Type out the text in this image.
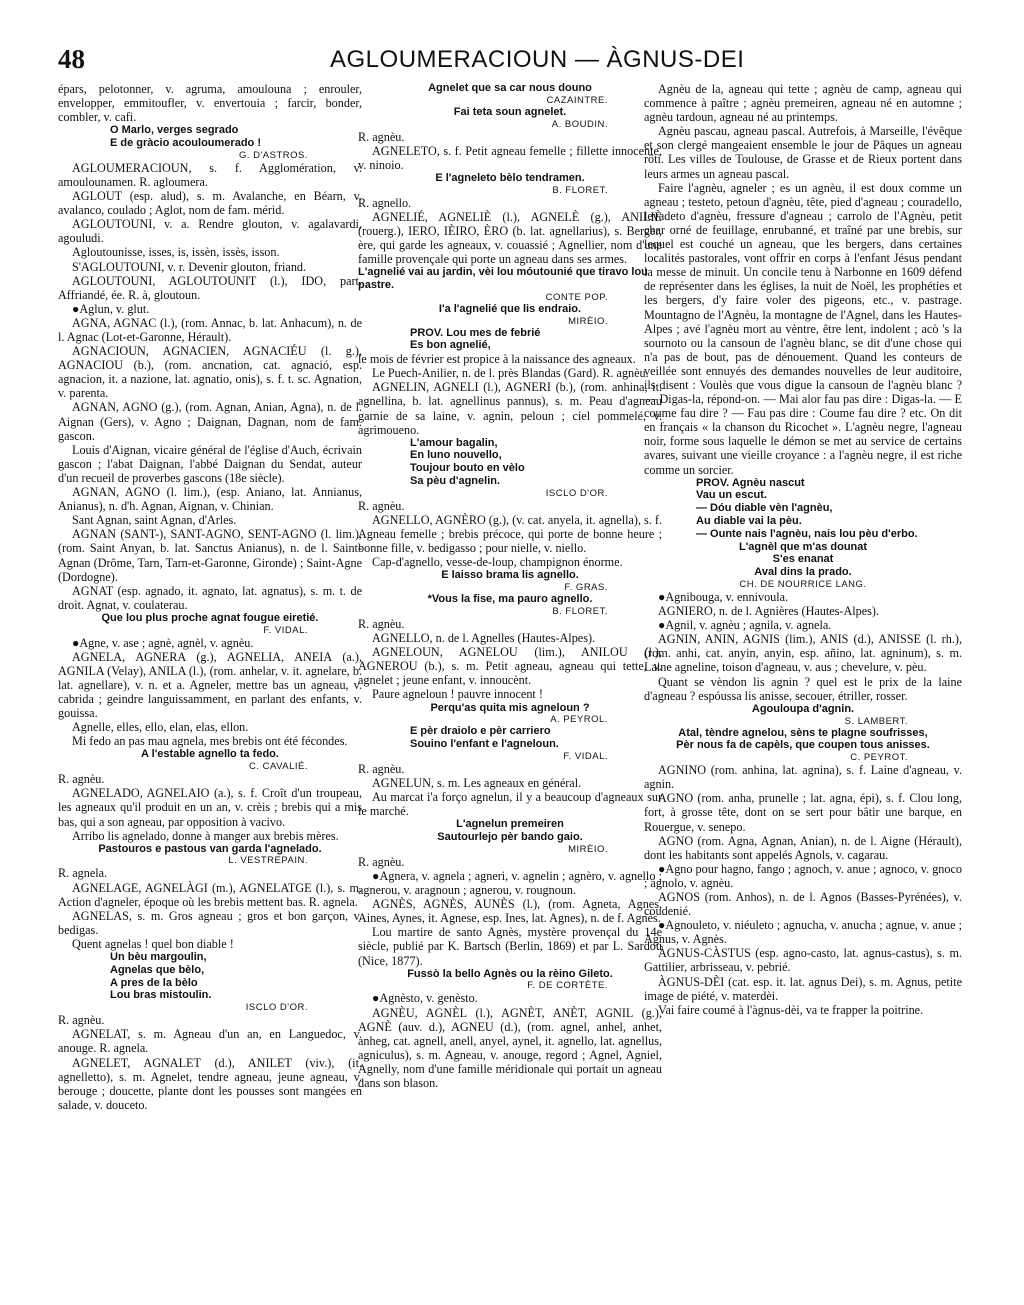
48	AGLOUMERACIOUN — ÀGNUS-DEI
épars, pelotonner, v. agruma, amoulouna ; enrouler, envelopper, emmitoufler, v. envertouia ; farcir, bonder, combler, v. cafi.
O Marlo, verges segrado
E de gràcio acouloumerado !
G. D'ASTROS.
AGLOUMERACIOUN, s. f. Agglomération, v. amoulounamen. R. agloumera.
AGLOUT (esp. alud), s. m. Avalanche, en Béarn, v. avalanco, coulado ; Aglot, nom de fam. mérid.
AGLOUTOUNI, v. a. Rendre glouton, v. agalavardi, agouludi.
Agloutounisse, isses, is, issèn, issès, isson.
S'AGLOUTOUNI, v. r. Devenir glouton, friand.
AGLOUTOUNI, AGLOUTOUNIT (l.), IDO, part. Affriandé, ée. R. à, gloutoun.
●Aglun, v. glut.
AGNA, AGNAC (l.), (rom. Annac, b. lat. Anhacum), n. de l. Agnac (Lot-et-Garonne, Hérault).
AGNACIOUN, AGNACIEN, AGNACIÉU (l. g.), AGNACIOU (b.), (rom. ancnation, cat. agnació, esp. agnacion, it. a nazione, lat. agnatio, onis), s. f. t. sc. Agnation, v. parenta.
AGNAN, AGNO (g.), (rom. Agnan, Anian, Agna), n. de l. Aignan (Gers), v. Agno ; Daignan, Dagnan, nom de fam. gascon.
Louis d'Aignan, vicaire général de l'église d'Auch, écrivain gascon ; l'abat Daignan, l'abbé Daignan du Sendat, auteur d'un recueil de proverbes gascons (18e siècle).
AGNAN, AGNO (l. lim.), (esp. Aniano, lat. Annianus, Anianus), n. d'h. Agnan, Aignan, v. Chinian.
Sant Agnan, saint Agnan, d'Arles.
AGNAN (SANT-), SANT-AGNO, SENT-AGNO (l. lim.), (rom. Saint Anyan, b. lat. Sanctus Anianus), n. de l. Saint-Agnan (Drôme, Tarn, Tarn-et-Garonne, Gironde) ; Saint-Agne (Dordogne).
AGNAT (esp. agnado, it. agnato, lat. agnatus), s. m. t. de droit. Agnat, v. coulaterau.
Que lou plus proche agnat fougue eiretié.
F. VIDAL.
●Agne, v. ase ; agnè, agnèl, v. agnèu.
AGNELA, AGNERA (g.), AGNELIA, ANEIA (a.), AGNILA (Velay), ANILA (l.), (rom. anhelar, v. it. agnelare, b. lat. agnellare), v. n. et a. Agneler, mettre bas un agneau, v. cabrida ; geindre languissamment, en parlant des enfants, v. gouissa.
Agnelle, elles, ello, elan, elas, ellon.
Mi fedo an pas mau agnela, mes brebis ont été fécondes.
A l'estable agnello ta fedo.
C. CAVALIÉ.
R. agnèu.
AGNELADO, AGNELAIO (a.), s. f. Croît d'un troupeau, les agneaux qu'il produit en un an, v. crèis ; brebis qui a mis bas, qui a son agneau, par opposition à vacivo.
Arribo lis agnelado, donne à manger aux brebis mères.
Pastouros e pastous van garda l'agnelado.
L. VESTREPAIN.
R. agnela.
AGNELAGE, AGNELÀGI (m.), AGNELATGE (l.), s. m. Action d'agneler, époque où les brebis mettent bas. R. agnela.
AGNELAS, s. m. Gros agneau ; gros et bon garçon, v. bedigas.
Quent agnelas ! quel bon diable !
Un bèu margoulin,
Agnelas que bèlo,
A pres de la bèlo
Lou bras mistoulin.
ISCLO D'OR.
R. agnèu.
AGNELAT, s. m. Agneau d'un an, en Languedoc, v. anouge. R. agnela.
AGNELET, AGNALET (d.), ANILET (viv.), (it. agnelletto), s. m. Agnelet, tendre agneau, jeune agneau, v. berouge ; doucette, plante dont les pousses sont mangées en salade, v. douceto.
Agnelet que sa car nous douno
CAZAINTRE.
Fai teta soun agnelet.
A. BOUDIN.
R. agnèu.
AGNELETO, s. f. Petit agneau femelle ; fillette innocente, v. ninoio.
E l'agneleto bèlo tendramen.
B. FLORET.
R. agnello.
AGNELIÉ, AGNELIÈ (l.), AGNELÈ (g.), ANILIÈ (rouerg.), IERO, IÈIRO, ÈRO (b. lat. agnellarius), s. Berger, ère, qui garde les agneaux, v. couassié ; Agnellier, nom d'une famille provençale qui porte un agneau dans ses armes.
L'agnelié vai au jardin, vèi lou móutounié que tiravo lou pastre.
CONTE POP.
I'a l'agnelié que lis endraio.
MIRÈIO.
PROV. Lou mes de febrié
Es bon agnelié,
le mois de février est propice à la naissance des agneaux.
Le Puech-Anilier, n. de l. près Blandas (Gard). R. agnèu.
AGNELIN, AGNELI (l.), AGNERI (b.), (rom. anhina, it. agnellina, b. lat. agnellinus pannus), s. m. Peau d'agneau garnie de sa laine, v. agnin, peloun ; ciel pommelé, v. agrimoueno.
L'amour bagalin,
En luno nouvello,
Toujour bouto en vèlo
Sa pèu d'agnelin.
ISCLO D'OR.
R. agnèu.
AGNELLO, AGNÈRO (g.), (v. cat. anyela, it. agnella), s. f. Agneau femelle ; brebis précoce, qui porte de bonne heure ; bonne fille, v. bedigasso ; pour nielle, v. niello.
Cap-d'agnello, vesse-de-loup, champignon énorme.
E laisso brama lis agnello.
F. GRAS.
*Vous la fise, ma pauro agnello.
B. FLORET.
R. agnèu.
AGNELLO, n. de l. Agnelles (Hautes-Alpes).
AGNELOUN, AGNELOU (lim.), ANILOU (l.), AGNEROU (b.), s. m. Petit agneau, agneau qui tette, v. agnelet ; jeune enfant, v. innoucènt.
Paure agneloun ! pauvre innocent !
Perqu'as quita mis agneloun ?
A. PEYROL.
E pèr draiolo e pèr carriero
Souino l'enfant e l'agneloun.
F. VIDAL.
R. agnèu.
AGNELUN, s. m. Les agneaux en général.
Au marcat i'a forço agnelun, il y a beaucoup d'agneaux sur le marché.
L'agnelun premeiren
Sautourlejo pèr bando gaio.
MIRÈIO.
R. agnèu.
●Agnera, v. agnela ; agneri, v. agnelin ; agnèro, v. agnello ; agnerou, v. aragnoun ; agnerou, v. rougnoun.
AGNÈS, AGNÈS, AUNÈS (l.), (rom. Agneta, Agnes, Aines, Aynes, it. Agnese, esp. Ines, lat. Agnes), n. de f. Agnès.
Lou martire de santo Agnès, mystère provençal du 14e siècle, publié par K. Bartsch (Berlin, 1869) et par L. Sardou (Nice, 1877).
Fussò la bello Agnès ou la rèino Gileto.
F. DE CORTÈTE.
●Agnèsto, v. genèsto.
AGNÈU, AGNÈL (l.), AGNÈT, ANÈT, AGNIL (g.), AGNÈ (auv. d.), AGNEU (d.), (rom. agnel, anhel, anhet, anheg, cat. agnell, anell, anyel, aynel, it. agnello, lat. agnellus, agniculus), s. m. Agneau, v. anouge, regord ; Agnel, Agniel, Agnelly, nom d'une famille méridionale qui portait un agneau dans son blason.
Agnèu de la, agneau qui tette ; agnèu de camp, agneau qui commence à paître ; agnèu premeiren, agneau né en automne ; agnèu tardoun, agneau né au printemps.
Agnèu pascau, agneau pascal. Autrefois, à Marseille, l'évêque et son clergé mangeaient ensemble le jour de Pâques un agneau rôti. Les villes de Toulouse, de Grasse et de Rieux portent dans leurs armes un agneau pascal.
Faire l'agnèu, agneler ; es un agnèu, il est doux comme un agneau ; testeto, petoun d'agnèu, tête, pied d'agneau ; couradello, levadeto d'agnèu, fressure d'agneau ; carrolo de l'Agnèu, petit char orné de feuillage, enrubanné, et traîné par une brebis, sur lequel est couché un agneau, que les bergers, dans certaines localités pastorales, vont offrir en corps à l'enfant Jésus pendant la messe de minuit. Un concile tenu à Narbonne en 1609 défend de représenter dans les églises, la nuit de Noël, les prophéties et les bergers, d'y faire voler des pigeons, etc., v. pastrage. Mountagno de l'Agnèu, la montagne de l'Agnel, dans les Hautes-Alpes ; avé l'agnèu mort au vèntre, être lent, indolent ; acò 's la sournoto ou la cansoun de l'agnèu blanc, se dit d'une chose qui n'a pas de bout, pas de dénouement. Quand les conteurs de veillée sont ennuyés des demandes nouvelles de leur auditoire, ils disent : Voulès que vous digue la cansoun de l'agnèu blanc ? — Digas-la, répond-on. — Mai alor fau pas dire : Digas-la. — E coume fau dire ? — Fau pas dire : Coume fau dire ? etc. On dit en français « la chanson du Ricochet ». L'agnèu negre, l'agneau noir, forme sous laquelle le démon se met au service de certains avares, suivant une vieille croyance : a l'agnèu negre, il est riche comme un sorcier.
PROV. Agnèu nascut
Vau un escut.
— Dóu diable vèn l'agnèu,
Au diable vai la pèu.
— Ounte nais l'agnèu, nais lou pèu d'erbo.
L'agnèl que m'as dounat
S'es enanat
Aval dins la prado.
CH. DE NOURRICE LANG.
●Agnibouga, v. ennivoula.
AGNIERO, n. de l. Agnières (Hautes-Alpes).
●Agnil, v. agnèu ; agnila, v. agnela.
AGNIN, ANIN, AGNIS (lim.), ANIS (d.), ANISSE (l. rh.), (rom. anhi, cat. anyin, anyin, esp. añino, lat. agninum), s. m. Laine agneline, toison d'agneau, v. aus ; chevelure, v. pèu.
Quant se vèndon lis agnin ? quel est le prix de la laine d'agneau ? espóussa lis anisse, secouer, étriller, rosser.
Agouloupa d'agnin.
S. LAMBERT.
Atal, tèndre agnelou, sèns te plagne soufrisses,
Pèr nous fa de capèls, que coupen tous anisses.
C. PEYROT.
AGNINO (rom. anhina, lat. agnina), s. f. Laine d'agneau, v. agnin.
AGNO (rom. anha, prunelle ; lat. agna, épi), s. f. Clou long, fort, à grosse tête, dont on se sert pour bâtir une barque, en Rouergue, v. senepo.
AGNO (rom. Agna, Agnan, Anian), n. de l. Aigne (Hérault), dont les habitants sont appelés Agnols, v. cagarau.
●Agno pour hagno, fango ; agnoch, v. anue ; agnoco, v. gnoco ; agnolo, v. agnèu.
AGNOS (rom. Anhos), n. de l. Agnos (Basses-Pyrénées), v. coudenié.
●Agnouleto, v. niéuleto ; agnucha, v. anucha ; agnue, v. anue ; Agnus, v. Agnès.
ÀGNUS-CÀSTUS (esp. agno-casto, lat. agnus-castus), s. m. Gattilier, arbrisseau, v. pebrié.
ÀGNUS-DÈI (cat. esp. it. lat. agnus Dei), s. m. Agnus, petite image de piété, v. materdèi.
Vai faire coumé à l'àgnus-dèi, va te frapper la poitrine.
